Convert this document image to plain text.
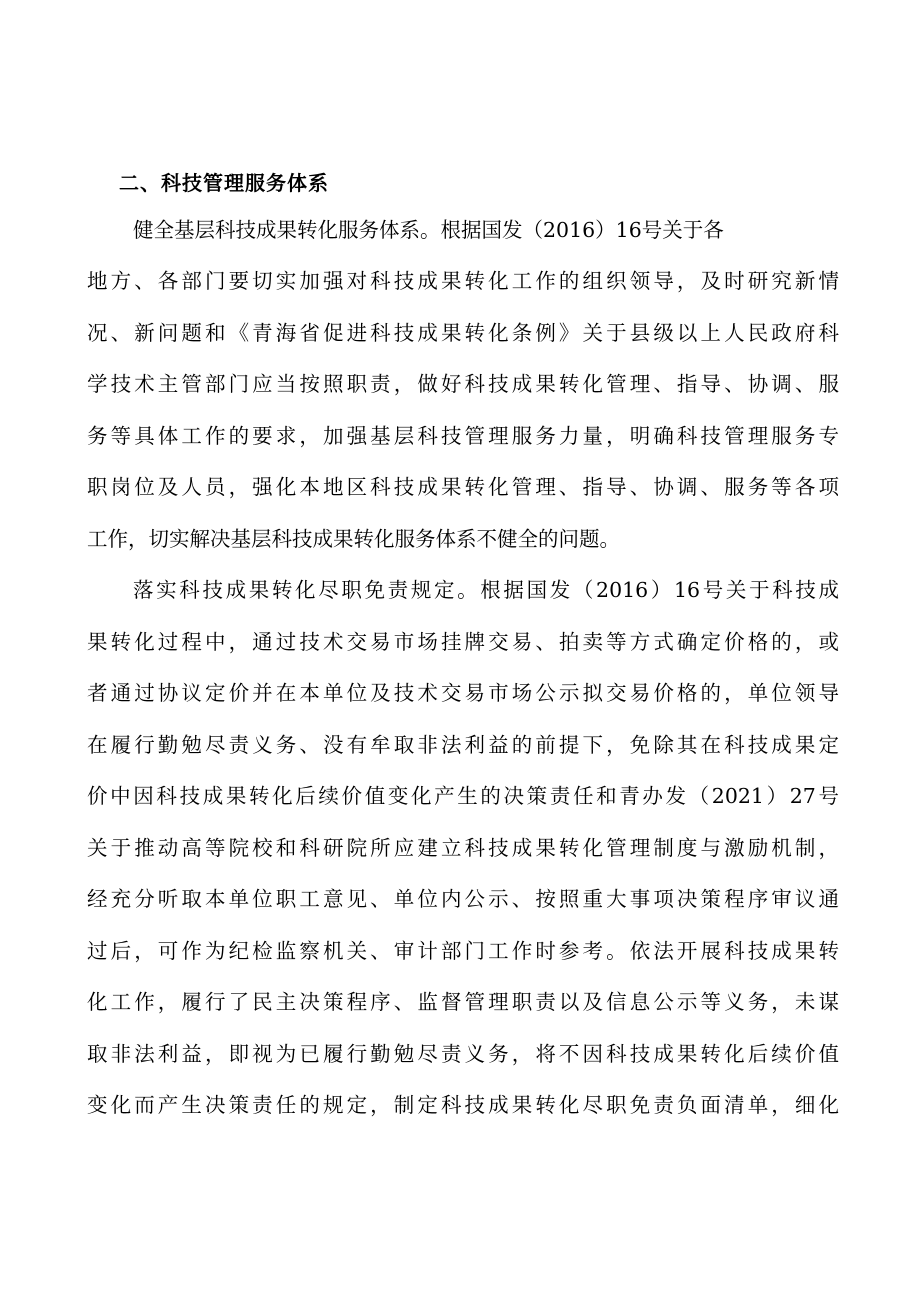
二、科技管理服务体系
健全基层科技成果转化服务体系。根据国发（2016）16号关于各
地方、各部门要切实加强对科技成果转化工作的组织领导，及时研究新情
况、新问题和《青海省促进科技成果转化条例》关于县级以上人民政府科
学技术主管部门应当按照职责，做好科技成果转化管理、指导、协调、服
务等具体工作的要求，加强基层科技管理服务力量，明确科技管理服务专
职岗位及人员，强化本地区科技成果转化管理、指导、协调、服务等各项
工作，切实解决基层科技成果转化服务体系不健全的问题。
落实科技成果转化尽职免责规定。根据国发（2016）16号关于科技成
果转化过程中，通过技术交易市场挂牌交易、拍卖等方式确定价格的，或
者通过协议定价并在本单位及技术交易市场公示拟交易价格的，单位领导
在履行勤勉尽责义务、没有牟取非法利益的前提下，免除其在科技成果定
价中因科技成果转化后续价值变化产生的决策责任和青办发（2021）27号
关于推动高等院校和科研院所应建立科技成果转化管理制度与激励机制，
经充分听取本单位职工意见、单位内公示、按照重大事项决策程序审议通
过后，可作为纪检监察机关、审计部门工作时参考。依法开展科技成果转
化工作，履行了民主决策程序、监督管理职责以及信息公示等义务，未谋
取非法利益，即视为已履行勤勉尽责义务，将不因科技成果转化后续价值
变化而产生决策责任的规定，制定科技成果转化尽职免责负面清单，细化
